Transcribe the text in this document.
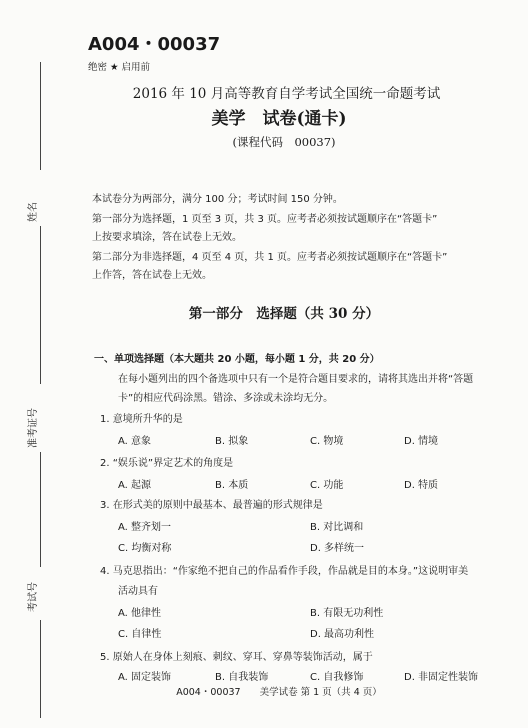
姓名
准考证号
考试号
A004・00037
绝密 ★ 启用前
2016 年 10 月高等教育自学考试全国统一命题考试
美学　试卷(通卡)
(课程代码　00037)
本试卷分为两部分，满分 100 分；考试时间 150 分钟。
第一部分为选择题，1 页至 3 页，共 3 页。应考者必须按试题顺序在“答题卡”
上按要求填涂，答在试卷上无效。
第二部分为非选择题，4 页至 4 页，共 1 页。应考者必须按试题顺序在“答题卡”
上作答，答在试卷上无效。
第一部分　选择题（共 30 分）
一、单项选择题（本大题共 20 小题，每小题 1 分，共 20 分）
在每小题列出的四个备选项中只有一个是符合题目要求的，请将其选出并将“答题
卡”的相应代码涂黑。错涂、多涂或未涂均无分。
1. 意境所升华的是
A. 意象	B. 拟象	C. 物境	D. 情境
2. “娱乐说”界定艺术的角度是
A. 起源	B. 本质	C. 功能	D. 特质
3. 在形式美的原则中最基本、最普遍的形式规律是
A. 整齐划一	B. 对比调和
C. 均衡对称	D. 多样统一
4. 马克思指出：“作家绝不把自己的作品看作手段，作品就是目的本身。”这说明审美
活动具有
A. 他律性	B. 有限无功利性
C. 自律性	D. 最高功利性
5. 原始人在身体上刻痕、刺纹、穿耳、穿鼻等装饰活动，属于
A. 固定装饰	B. 自我装饰	C. 自我修饰	D. 非固定性装饰
A004・00037　　美学试卷 第 1 页（共 4 页）
